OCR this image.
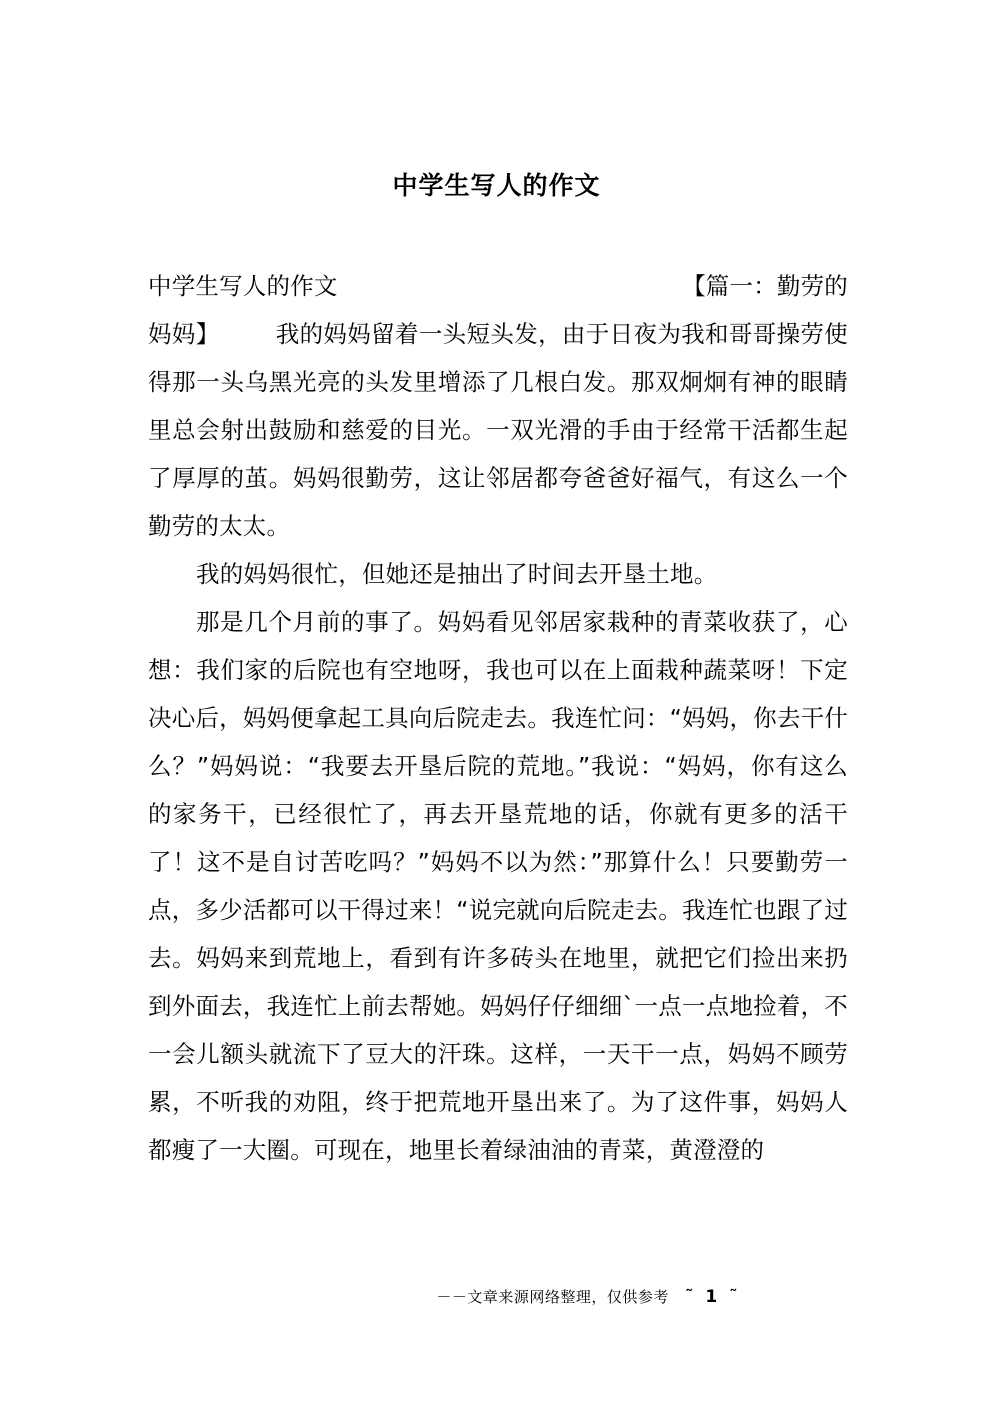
中学生写人的作文
中学生写人的作文	【篇一：勤劳的
妈妈】 我的妈妈留着一头短头发，由于日夜为我和哥哥操劳使得那一头乌黑光亮的头发里增添了几根白发。那双炯炯有神的眼睛里总会射出鼓励和慈爱的目光。一双光滑的手由于经常干活都生起了厚厚的茧。妈妈很勤劳，这让邻居都夸爸爸好福气，有这么一个勤劳的太太。
我的妈妈很忙，但她还是抽出了时间去开垦土地。
那是几个月前的事了。妈妈看见邻居家栽种的青菜收获了，心想：我们家的后院也有空地呀，我也可以在上面栽种蔬菜呀！下定决心后，妈妈便拿起工具向后院走去。我连忙问：“妈妈，你去干什么？”妈妈说：“我要去开垦后院的荒地。”我说：“妈妈，你有这么的家务干，已经很忙了，再去开垦荒地的话，你就有更多的活干了！这不是自讨苦吃吗？”妈妈不以为然：”那算什么！只要勤劳一点，多少活都可以干得过来！“说完就向后院走去。我连忙也跟了过去。妈妈来到荒地上，看到有许多砖头在地里，就把它们捡出来扔到外面去，我连忙上前去帮她。妈妈仔仔细细`一点一点地捡着，不一会儿额头就流下了豆大的汗珠。这样，一天干一点，妈妈不顾劳累，不听我的劝阻，终于把荒地开垦出来了。为了这件事，妈妈人都瘦了一大圈。可现在，地里长着绿油油的青菜，黄澄澄的
－－文章来源网络整理，仅供参考 ˜ 1 ˜
